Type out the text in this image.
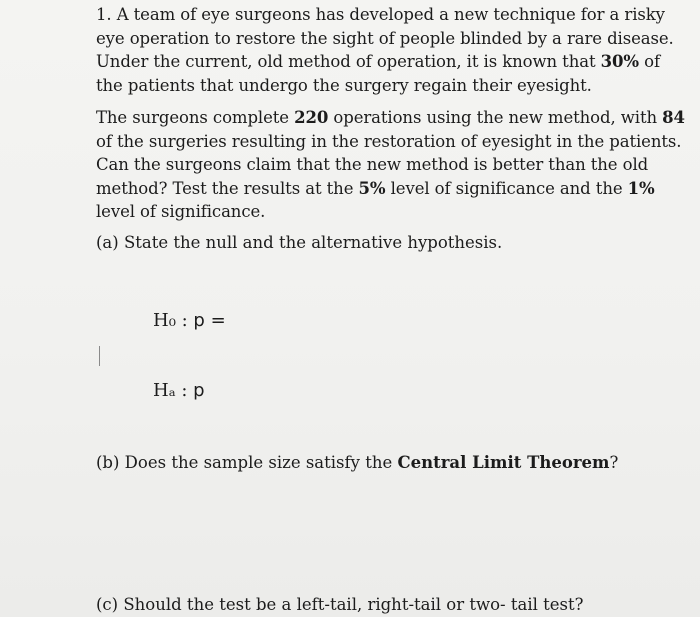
1. A team of eye surgeons has developed a new technique for a risky
eye operation to restore the sight of people blinded by a rare disease.
Under the current, old method of operation, it is known that 30% of
the patients that undergo the surgery regain their eyesight.

The surgeons complete 220 operations using the new method, with 84
of the surgeries resulting in the restoration of eyesight in the patients.
Can the surgeons claim that the new method is better than the old
method? Test the results at the 5% level of significance and the 1%
level of significance.

(a) State the null and the alternative hypothesis.
H₀ : p =
Hₐ : p
(b) Does the sample size satisfy the Central Limit Theorem?
(c) Should the test be a left-tail, right-tail or two- tail test?
